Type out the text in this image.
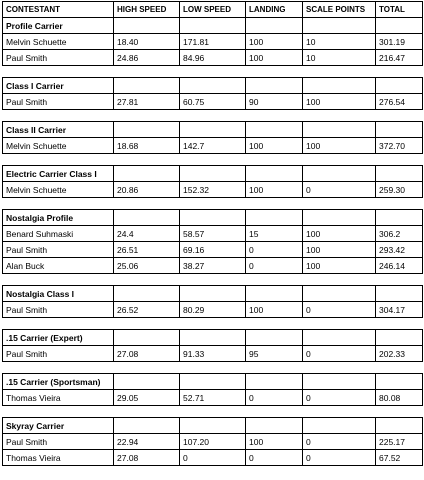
CONTESTANT	HIGH SPEED	LOW SPEED	LANDING	SCALE POINTS	TOTAL
Profile Carrier					
Melvin Schuette	18.40	171.81	100	10	301.19
Paul Smith	24.86	84.96	100	10	216.47

Class I Carrier					
Paul Smith	27.81	60.75	90	100	276.54

Class II Carrier					
Melvin Schuette	18.68	142.7	100	100	372.70

Electric Carrier Class I					
Melvin Schuette	20.86	152.32	100	0	259.30

Nostalgia Profile					
Benard Suhmaski	24.4	58.57	15	100	306.2
Paul Smith	26.51	69.16	0	100	293.42
Alan Buck	25.06	38.27	0	100	246.14

Nostalgia Class I					
Paul Smith	26.52	80.29	100	0	304.17

.15 Carrier (Expert)					
Paul Smith	27.08	91.33	95	0	202.33

.15 Carrier (Sportsman)					
Thomas Vieira	29.05	52.71	0	0	80.08

Skyray Carrier					
Paul Smith	22.94	107.20	100	0	225.17
Thomas Vieira	27.08	0	0	0	67.52
